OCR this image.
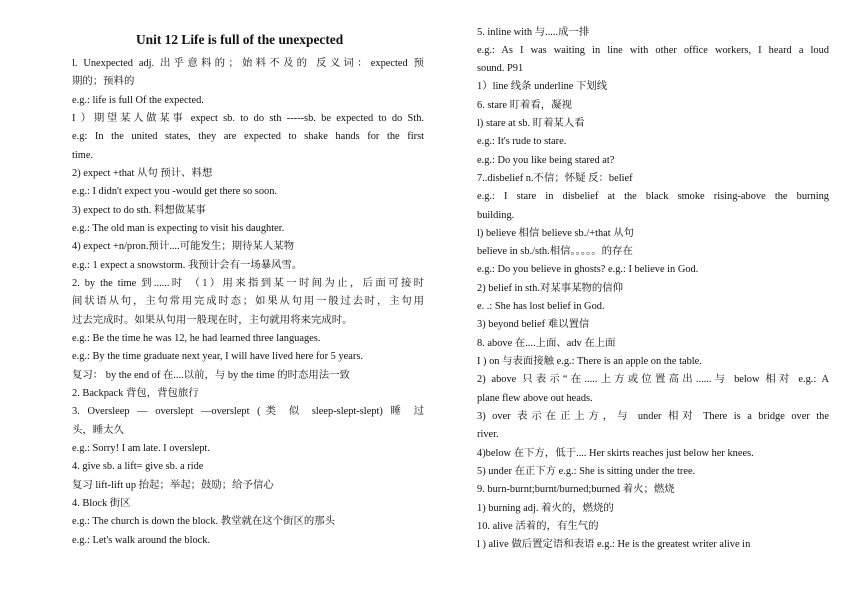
Unit 12 Life is full of the unexpected
l. Unexpected adj. 出乎意料的；始料不及的 反义词：expected 预
期的；预料的
e.g.: life is full Of the expected.
I ）期望某人做某事 expect sb. to do sth -----sb. be expected to do Sth.
e.g: In the united states, they are expected to shake hands for the first
time.
2) expect +that 从句 预计、料想
e.g.: I didn't expect you -would get there so soon.
3) expect to do sth. 料想做某事
e.g.: The old man is expecting to visit his daughter.
4) expect +n/pron.预计....可能发生；期待某人某物
e.g.: 1 expect a snowstorm. 我预计会有一场暴风雪。
2. by the time 到......时 （1）用来指到某一时间为止，后面可接时
间状语从句，主句常用完成时态；如果从句用一般过去时，主句用
过去完成时。如果从句用一般现在时，主句就用将来完成时。
e.g.: Be the time he was 12, he had learned three languages.
e.g.: By the time graduate next year, I will have lived here for 5 years.
复习： by the end of 在....以前，与 by the time 的时态用法一致
2. Backpack 背包，背包旅行
3. Oversleep — overslept —overslept (类 似 sleep-slept-slept) 睡 过
头，睡太久
e.g.: Sorry! I am late. I overslept.
4. give sb. a lift= give sb. a ride
复习 lift-lift up 抬起；举起；鼓励；给予信心
4. Block 街区
e.g.: The church is down the block. 教堂就在这个街区的那头
e.g.: Let's walk around the block.
5. inline with 与.....成一排
e.g.: As I was waiting in line with other office workers, I heard a loud
sound. P91
1）line 线条 underline 下划线
6. stare 盯着看，凝视
l) stare at sb. 盯着某人看
e.g.: It's rude to stare.
e.g.: Do you like being stared at?
7..disbelief n.不信；怀疑 反：belief
e.g.: I stare in disbelief at the black smoke rising-above the burning
building.
l) believe 相信 believe sb./+that 从句
believe in sb./sth.相信。。。。。的存在
e.g.: Do you believe in ghosts? e.g.: I believe in God.
2) belief in sth.对某事某物的信仰
e. .: She has lost belief in God.
3) beyond belief 难以置信
8. above 在....上面、adv 在上面
I ) on 与表面接触 e.g.: There is an apple on the table.
2) above 只表示“在.....上方或位置高出......与 below 相对 e.g.: A
plane flew above out heads.
3) over 表示在正上方，与 under 相对 There is a bridge over the
river.
4)below 在下方，低于.... Her skirts reaches just below her knees.
5) under 在正下方 e.g.: She is sitting under the tree.
9. burn-burnt;burnt/burned;burned 着火；燃烧
1) burning adj. 着火的，燃烧的
10. alive 活着的，有生气的
l ) alive 做后置定语和表语 e.g.: He is the greatest writer alive in
